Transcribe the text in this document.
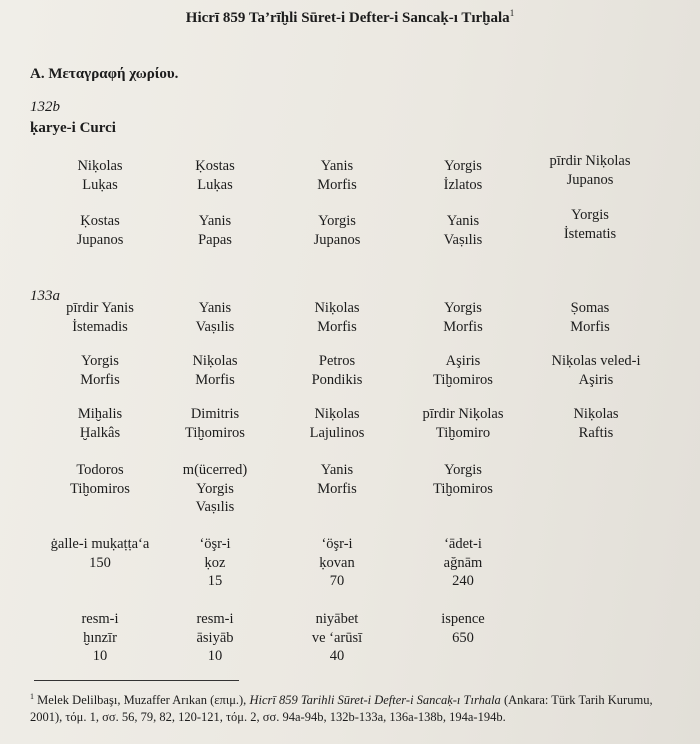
Hicrī 859 Ta’rīḫli Sūret-i Defter-i Sancaḳ-ı Tırḫala$^1$
Α. Μεταγραφή χωρίου.
132b
ḳarye-i Curci
133a
Niḳolas
Luḳas
Ḳostas
Luḳas
Yanis
Morfis
Yorgis
İzlatos
pīrdir Niḳolas
Jupanos
Ḳostas
Jupanos
Yanis
Papas
Yorgis
Jupanos
Yanis
Vaṣılis
Yorgis
İstematis
pīrdir Yanis
İstemadis
Yanis
Vaṣılis
Niḳolas
Morfis
Yorgis
Morfis
Ṣomas
Morfis
Yorgis
Morfis
Niḳolas
Morfis
Petros
Pondikis
Aşiris
Tiḫomiros
Niḳolas veled-i
Aşiris
Miḫalis
Ḫalkâs
Dimitris
Tiḫomiros
Niḳolas
Lajulinos
pīrdir Niḳolas
Tiḫomiro
Niḳolas
Raftis
Todoros
Tiḫomiros
m(ücerred)
Yorgis
Vaṣılis
Yanis
Morfis
Yorgis
Tiḫomiros
ġalle-i muḳaṭṭa‘a
150
‘öşr-i
ḳoz
15
‘öşr-i
ḳovan
70
‘ādet-i
ağnām
240
resm-i
ḫınzīr
10
resm-i
āsiyāb
10
niyābet
ve ‘arūsī
40
ispence
650
$^1$ Melek Delilbaşı, Muzaffer Arıkan (επιμ.), Hicrī 859 Tarihli Sūret-i Defter-i Sancaḳ-ı Tırhala (Ankara: Türk Tarih Kurumu, 2001), τόμ. 1, σσ. 56, 79, 82, 120-121, τόμ. 2, σσ. 94a-94b, 132b-133a, 136a-138b, 194a-194b.
